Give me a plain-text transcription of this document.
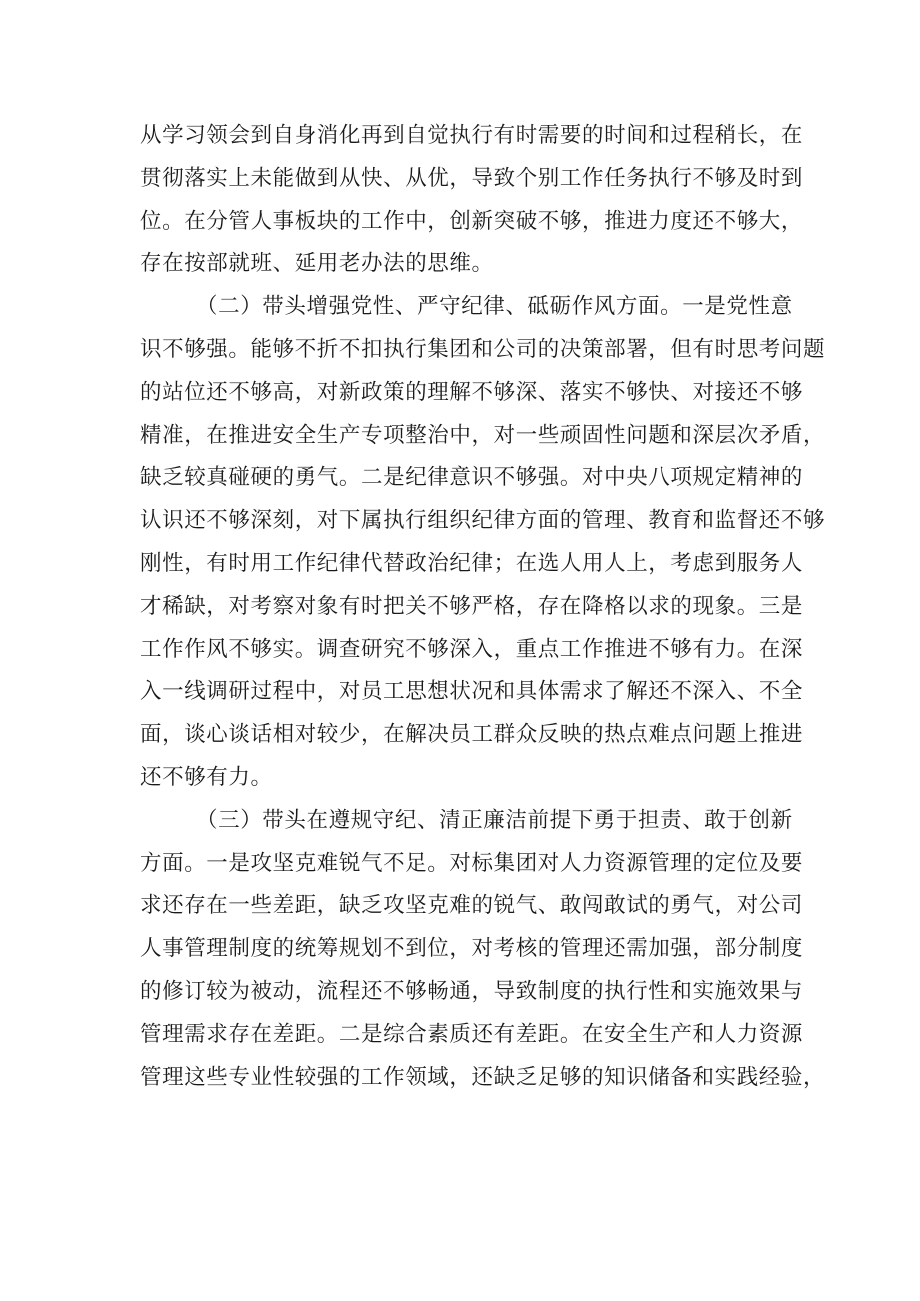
从学习领会到自身消化再到自觉执行有时需要的时间和过程稍长，在
贯彻落实上未能做到从快、从优，导致个别工作任务执行不够及时到
位。在分管人事板块的工作中，创新突破不够，推进力度还不够大，
存在按部就班、延用老办法的思维。
（二）带头增强党性、严守纪律、砥砺作风方面。一是党性意
识不够强。能够不折不扣执行集团和公司的决策部署，但有时思考问题
的站位还不够高，对新政策的理解不够深、落实不够快、对接还不够
精准，在推进安全生产专项整治中，对一些顽固性问题和深层次矛盾，
缺乏较真碰硬的勇气。二是纪律意识不够强。对中央八项规定精神的
认识还不够深刻，对下属执行组织纪律方面的管理、教育和监督还不够
刚性，有时用工作纪律代替政治纪律；在选人用人上，考虑到服务人
才稀缺，对考察对象有时把关不够严格，存在降格以求的现象。三是
工作作风不够实。调查研究不够深入，重点工作推进不够有力。在深
入一线调研过程中，对员工思想状况和具体需求了解还不深入、不全
面，谈心谈话相对较少，在解决员工群众反映的热点难点问题上推进
还不够有力。
（三）带头在遵规守纪、清正廉洁前提下勇于担责、敢于创新
方面。一是攻坚克难锐气不足。对标集团对人力资源管理的定位及要
求还存在一些差距，缺乏攻坚克难的锐气、敢闯敢试的勇气，对公司
人事管理制度的统筹规划不到位，对考核的管理还需加强，部分制度
的修订较为被动，流程还不够畅通，导致制度的执行性和实施效果与
管理需求存在差距。二是综合素质还有差距。在安全生产和人力资源
管理这些专业性较强的工作领域，还缺乏足够的知识储备和实践经验，
